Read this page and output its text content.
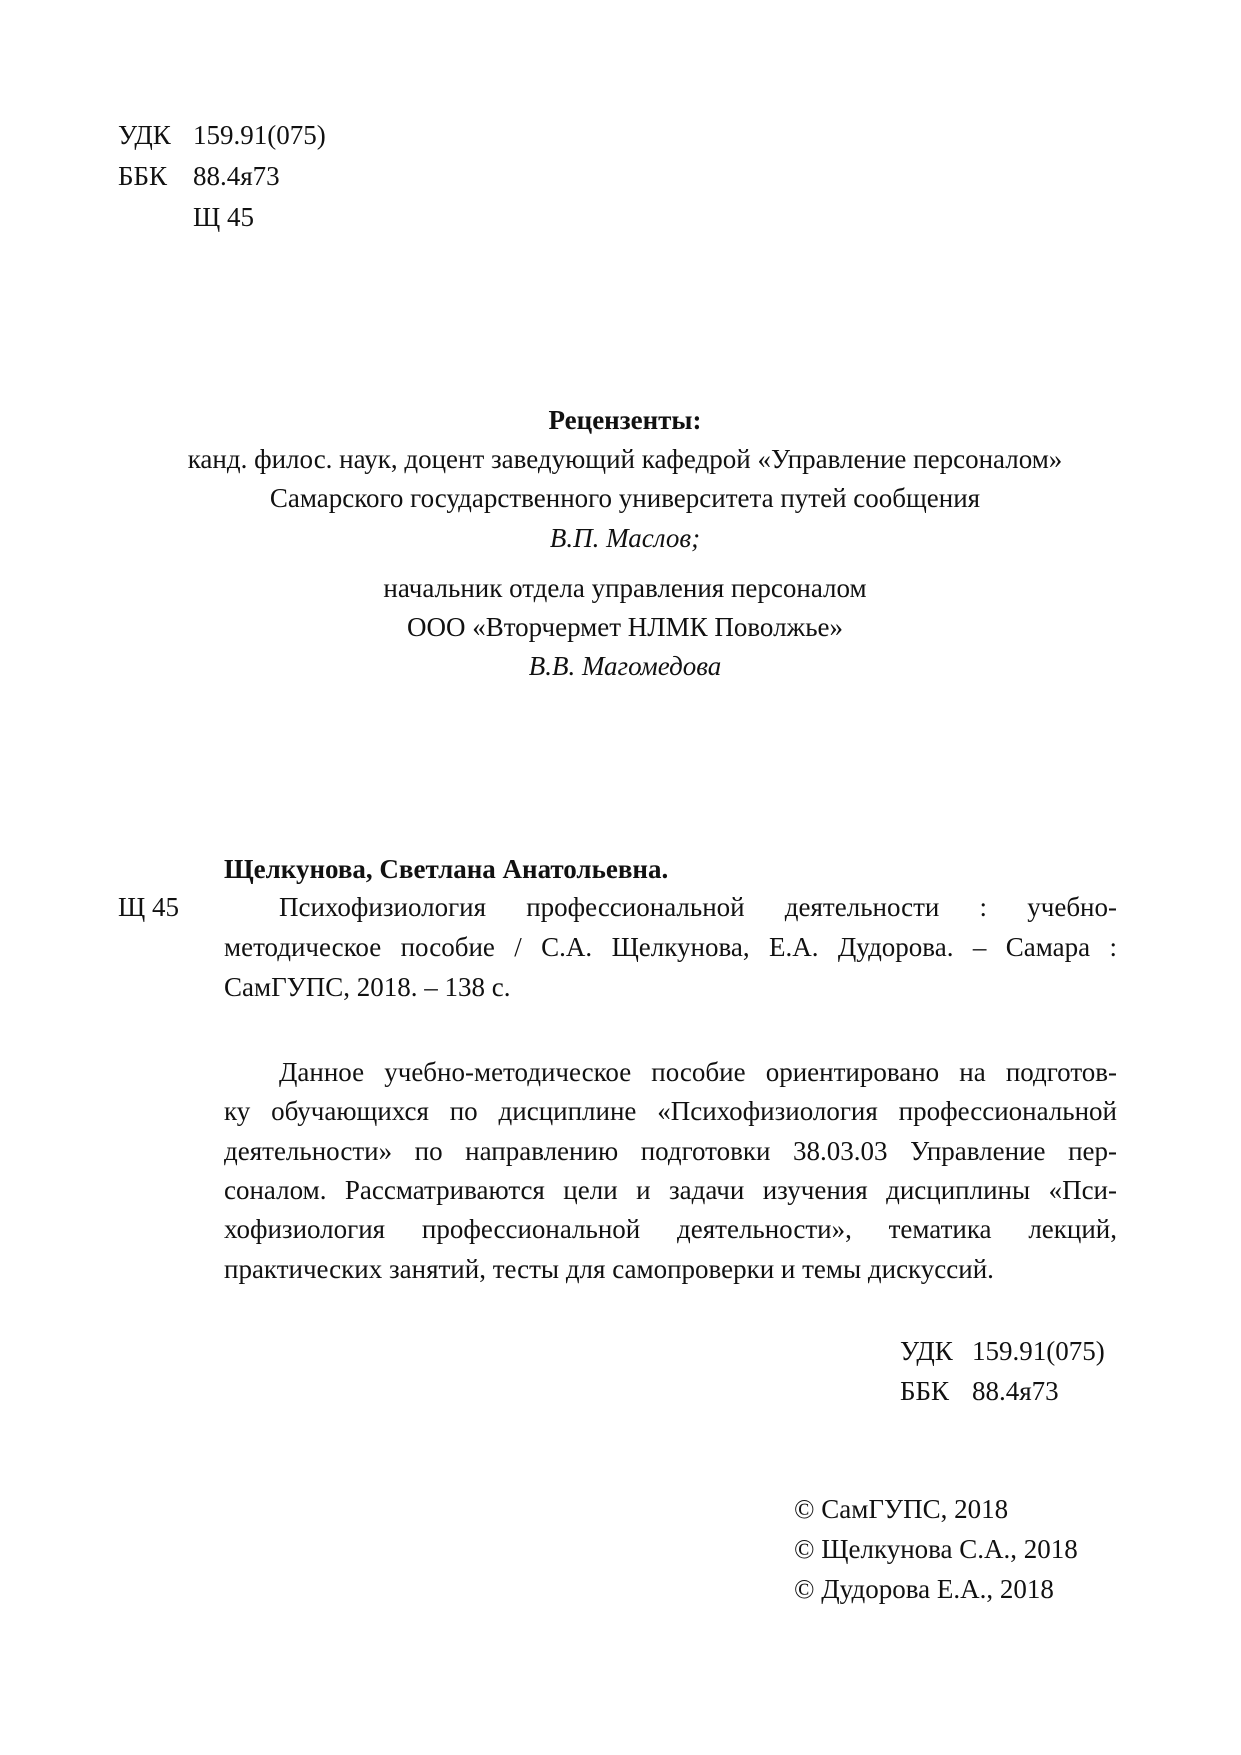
УДК 159.91(075)
ББК 88.4я73
Щ 45
Рецензенты:
канд. филос. наук, доцент заведующий кафедрой «Управление персоналом»
Самарского государственного университета путей сообщения
В.П. Маслов;
начальник отдела управления персоналом
ООО «Вторчермет НЛМК Поволжье»
В.В. Магомедова
Щелкунова, Светлана Анатольевна.
Щ 45	Психофизиология профессиональной деятельности : учебно-
методическое пособие / С.А. Щелкунова, Е.А. Дудорова. – Самара :
СамГУПС, 2018. – 138 с.
Данное учебно-методическое пособие ориентировано на подготов-
ку обучающихся по дисциплине «Психофизиология профессиональной
деятельности» по направлению подготовки 38.03.03 Управление пер-
соналом. Рассматриваются цели и задачи изучения дисциплины «Пси-
хофизиология профессиональной деятельности», тематика лекций,
практических занятий, тесты для самопроверки и темы дискуссий.
УДК 159.91(075)
ББК 88.4я73
© СамГУПС, 2018
© Щелкунова С.А., 2018
© Дудорова Е.А., 2018
